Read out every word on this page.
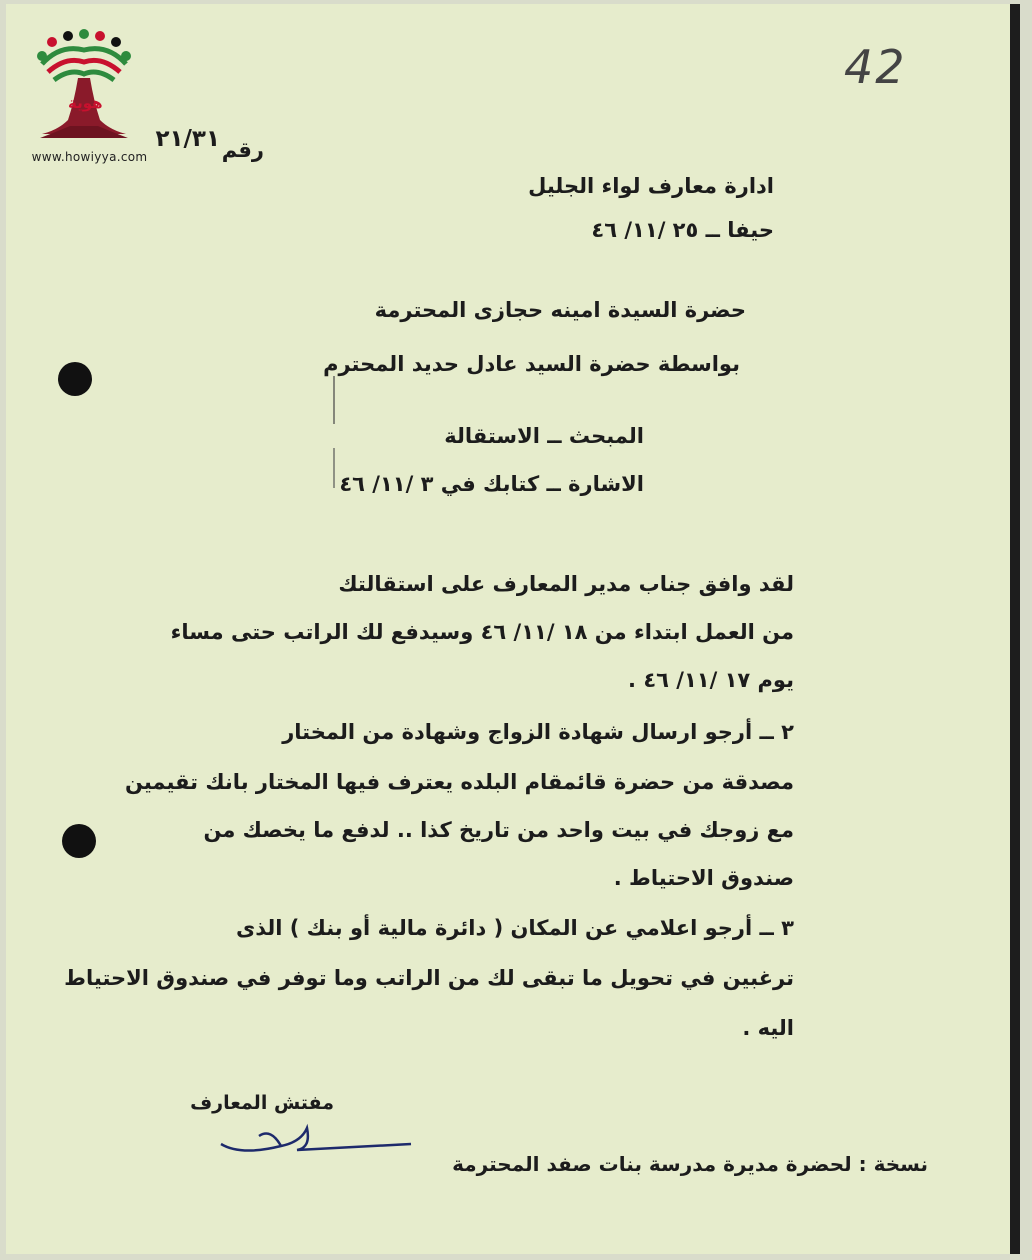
www.howiyya.com
هوية
42
رقم
٢١/٣١
ادارة معارف لواء الجليل
حيفا ــ ٢٥ /١١/ ٤٦
حضرة السيدة امينه حجازى المحترمة
بواسطة حضرة السيد عادل حديد المحترم
المبحث ــ الاستقالة
الاشارة ــ كتابك في ٣ /١١/ ٤٦
لقد وافق جناب مدير المعارف على استقالتك
من العمل ابتداء من ١٨ /١١/ ٤٦ وسيدفع لك الراتب حتى مساء
يوم ١٧ /١١/ ٤٦ .
٢ ــ أرجو ارسال شهادة الزواج وشهادة من المختار
مصدقة من حضرة قائمقام البلده يعترف فيها المختار بانك تقيمين
مع زوجك في بيت واحد من تاريخ كذا .. لدفع ما يخصك من
صندوق الاحتياط .
٣ ــ أرجو اعلامي عن المكان ( دائرة مالية أو بنك ) الذى
ترغبين في تحويل ما تبقى لك من الراتب وما توفر في صندوق الاحتياط
اليه .
مفتش المعارف
نسخة : لحضرة مديرة مدرسة بنات صفد المحترمة
